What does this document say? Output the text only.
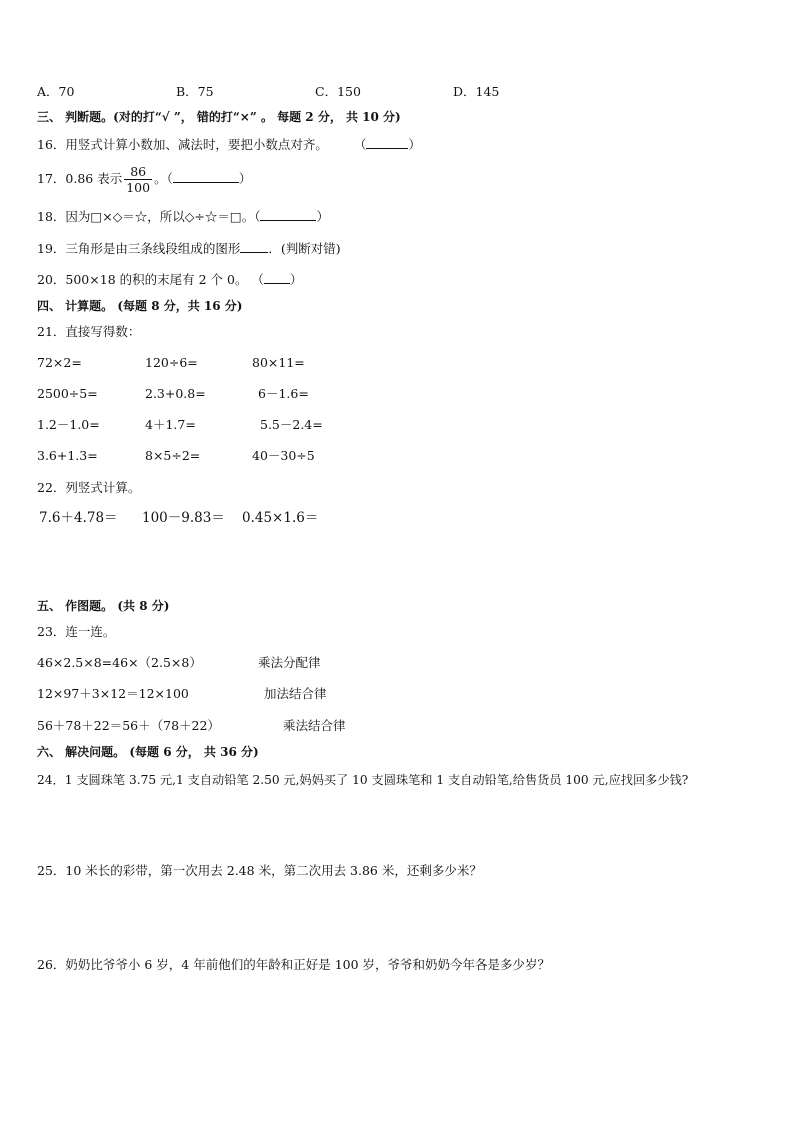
A．70	B．75	C．150	D．145
三、 判断题。(对的打“√ ”， 错的打“×” 。 每题 2 分， 共 10 分)
16．用竖式计算小数加、减法时，要把小数点对齐。 （	）
17．0.86 表示 $\frac{86}{100}$ 。（	）
18．因为□×◇＝☆，所以◇÷☆＝□。（	）
19．三角形是由三条线段组成的图形 ．(判断对错)
20．500×18 的积的末尾有 2 个 0。 （ ）
四、 计算题。 (每题 8 分，共 16 分)
21．直接写得数：
72×2=	120÷6=	80×11=
2500÷5=	2.3+0.8=	6－1.6=
1.2－1.0=	4＋1.7=	5.5－2.4=
3.6+1.3=	8×5÷2=	40－30÷5
22．列竖式计算。
7.6＋4.78＝ 100－9.83＝ 0.45×1.6＝
五、 作图题。 (共 8 分)
23．连一连。
46×2.5×8=46×（2.5×8）	乘法分配律
12×97＋3×12＝12×100	加法结合律
56＋78＋22＝56＋（78＋22）	乘法结合律
六、 解决问题。 (每题 6 分， 共 36 分)
24．1 支圆珠笔 3.75 元,1 支自动铅笔 2.50 元,妈妈买了 10 支圆珠笔和 1 支自动铅笔,给售货员 100 元,应找回多少钱?
25．10 米长的彩带，第一次用去 2.48 米，第二次用去 3.86 米，还剩多少米？
26．奶奶比爷爷小 6 岁，4 年前他们的年龄和正好是 100 岁，爷爷和奶奶今年各是多少岁？
